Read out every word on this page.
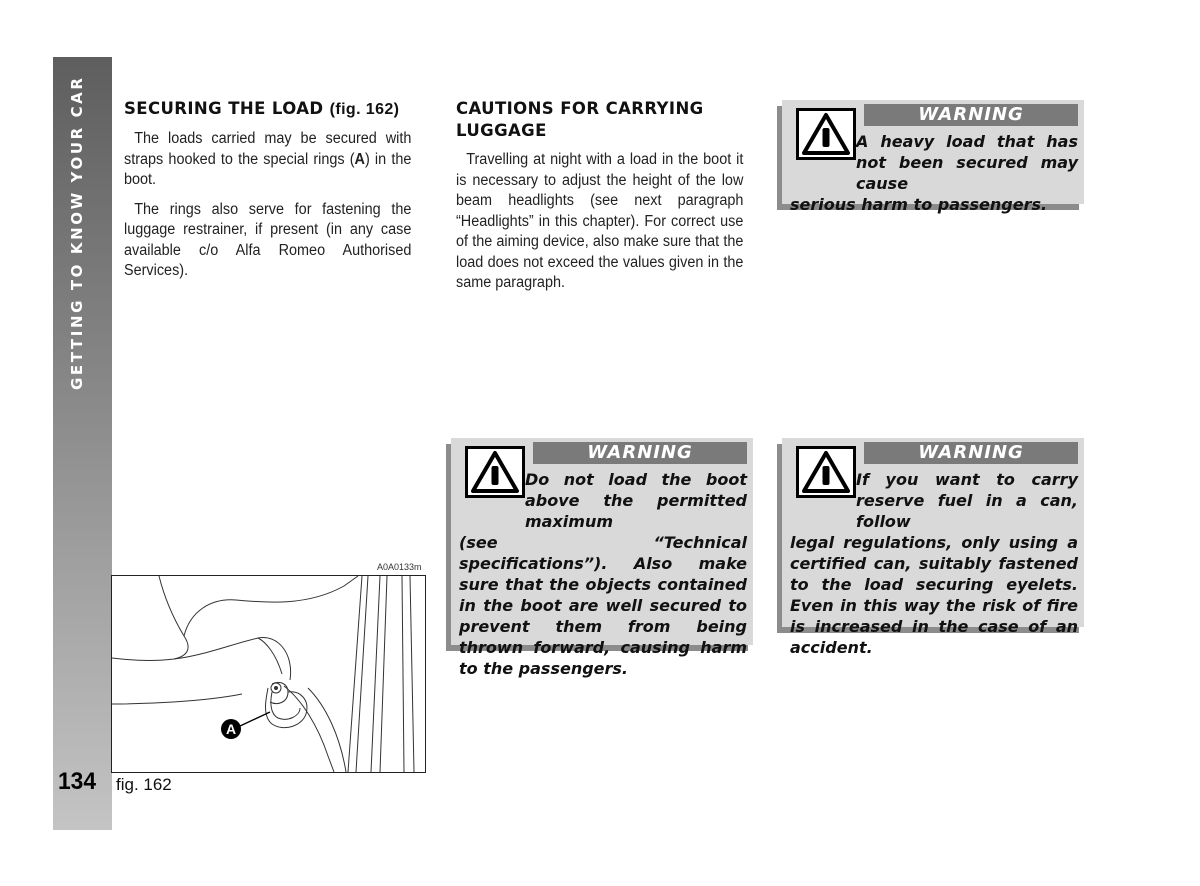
GETTING TO KNOW YOUR CAR
134
SECURING THE LOAD (fig. 162)

The loads carried may be secured with straps hooked to the special rings (A) in the boot.

The rings also serve for fastening the luggage restrainer, if present (in any case available c/o Alfa Romeo Authorised Services).

CAUTIONS FOR CARRYING LUGGAGE

Travelling at night with a load in the boot it is necessary to adjust the height of the low beam headlights (see next paragraph “Headlights” in this chapter). For correct use of the aiming device, also make sure that the load does not exceed the values given in the same paragraph.

WARNING
A heavy load that has not been secured may cause
serious harm to passengers.
WARNING
Do not load the boot above the permitted maximum
(see “Technical specifications”). Also make sure that the objects contained in the boot are well secured to prevent them from being thrown forward, causing harm to the passengers.
WARNING
If you want to carry reserve fuel in a can, follow
legal regulations, only using a certified can, suitably fastened to the load securing eyelets. Even in this way the risk of fire is increased in the case of an accident.
A0A0133m
A
fig. 162
